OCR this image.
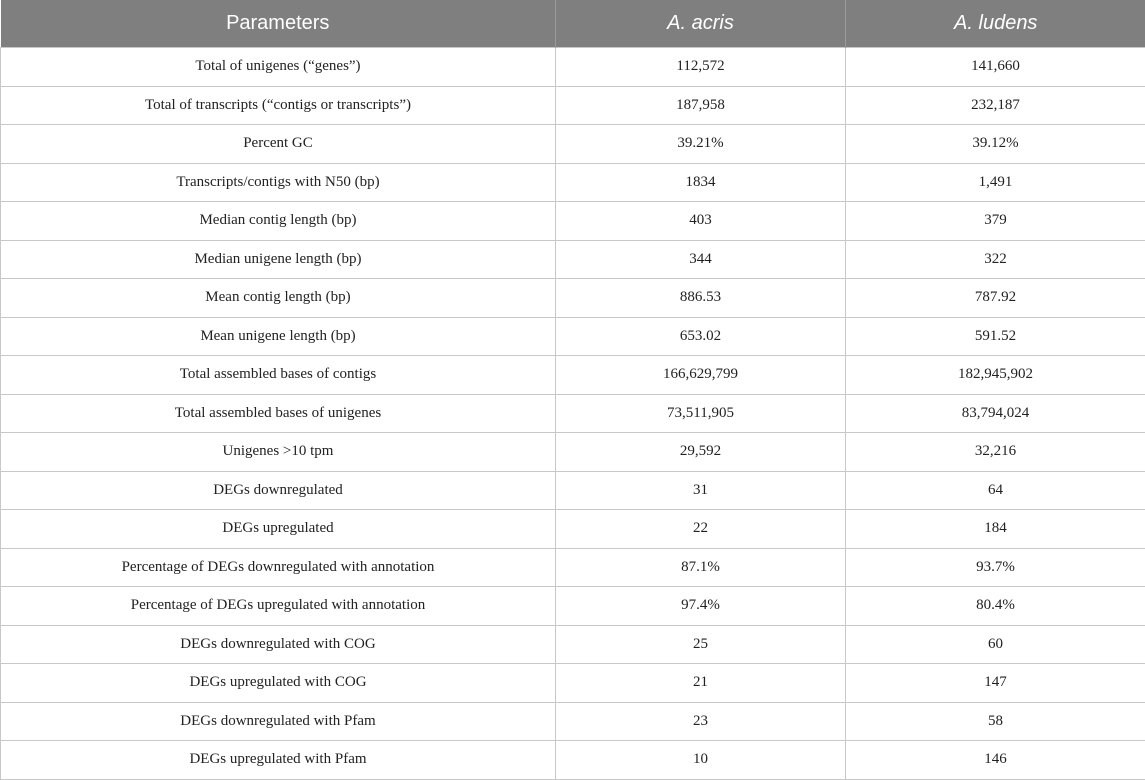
Parameters	A. acris	A. ludens
Total of unigenes (“genes”)	112,572	141,660
Total of transcripts (“contigs or transcripts”)	187,958	232,187
Percent GC	39.21%	39.12%
Transcripts/contigs with N50 (bp)	1834	1,491
Median contig length (bp)	403	379
Median unigene length (bp)	344	322
Mean contig length (bp)	886.53	787.92
Mean unigene length (bp)	653.02	591.52
Total assembled bases of contigs	166,629,799	182,945,902
Total assembled bases of unigenes	73,511,905	83,794,024
Unigenes >10 tpm	29,592	32,216
DEGs downregulated	31	64
DEGs upregulated	22	184
Percentage of DEGs downregulated with annotation	87.1%	93.7%
Percentage of DEGs upregulated with annotation	97.4%	80.4%
DEGs downregulated with COG	25	60
DEGs upregulated with COG	21	147
DEGs downregulated with Pfam	23	58
DEGs upregulated with Pfam	10	146
